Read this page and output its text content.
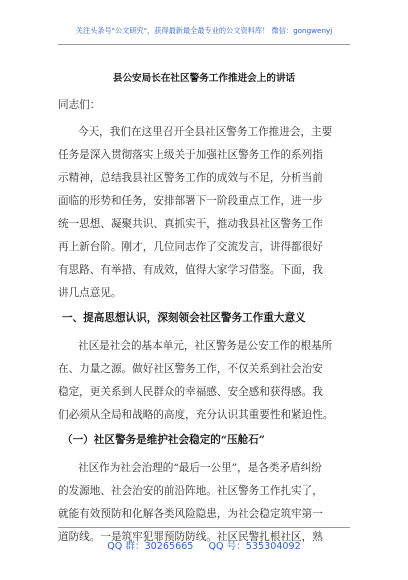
关注头条号"公文研究"，获得最新最全最专业的公文资料库！ 微信：gongwenyj
县公安局长在社区警务工作推进会上的讲话
同志们：
今天，我们在这里召开全县社区警务工作推进会，主要
任务是深入贯彻落实上级关于加强社区警务工作的系列指
示精神，总结我县社区警务工作的成效与不足，分析当前
面临的形势和任务，安排部署下一阶段重点工作，进一步
统一思想、凝聚共识、真抓实干，推动我县社区警务工作
再上新台阶。刚才，几位同志作了交流发言，讲得都很好
有思路、有举措、有成效，值得大家学习借鉴。下面，我
讲几点意见。
一、提高思想认识，深刻领会社区警务工作重大意义
社区是社会的基本单元，社区警务是公安工作的根基所
在、力量之源。做好社区警务工作，不仅关系到社会治安
稳定，更关系到人民群众的幸福感、安全感和获得感。我
们必须从全局和战略的高度，充分认识其重要性和紧迫性。
（一）社区警务是维护社会稳定的“压舱石”
社区作为社会治理的“最后一公里”，是各类矛盾纠纷
的发源地、社会治安的前沿阵地。社区警务工作扎实了，
就能有效预防和化解各类风险隐患，为社会稳定筑牢第一
道防线。一是筑牢犯罪预防防线。社区民警扎根社区，熟
QQ 群：30265665 QQ 号：535304092
